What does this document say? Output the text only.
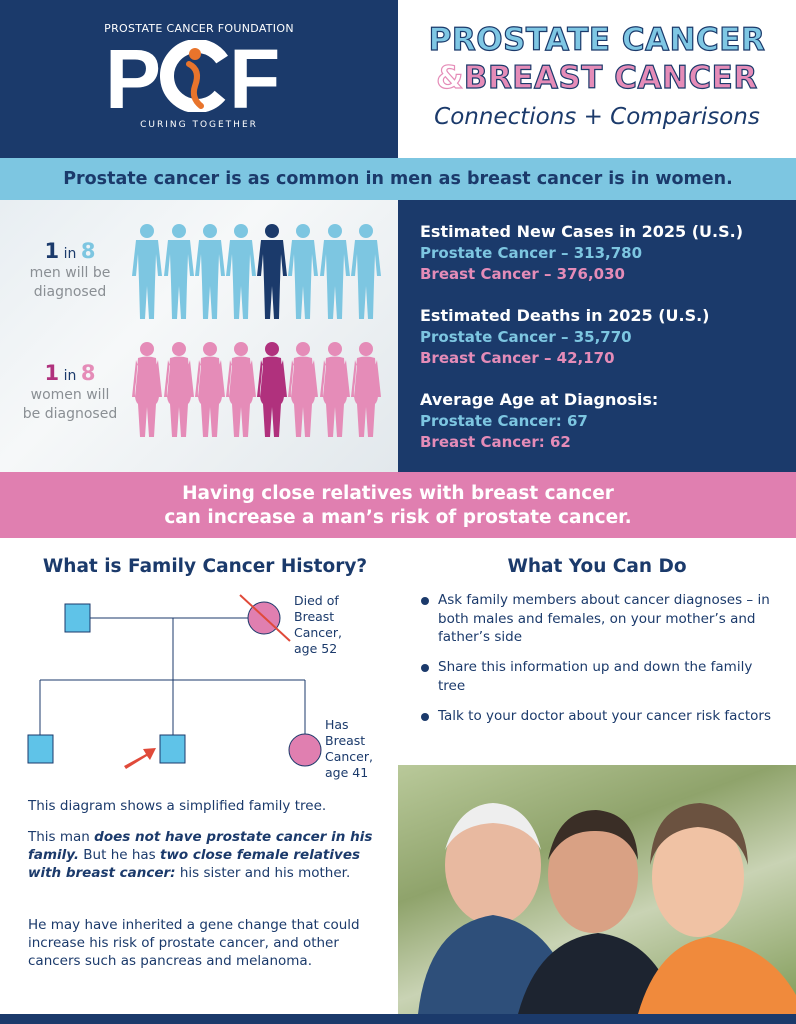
PROSTATE CANCER FOUNDATION
P F
CURING TOGETHER
PROSTATE CANCER
&BREAST CANCER
Connections + Comparisons
Prostate cancer is as common in men as breast cancer is in women.
1 in 8
men will be
diagnosed
1 in 8
women will
be diagnosed
Estimated New Cases in 2025 (U.S.)
Prostate Cancer – 313,780
Breast Cancer – 376,030
Estimated Deaths in 2025 (U.S.)
Prostate Cancer – 35,770
Breast Cancer – 42,170
Average Age at Diagnosis:
Prostate Cancer: 67
Breast Cancer: 62
Having close relatives with breast cancer
can increase a man’s risk of prostate cancer.
What is Family Cancer History?
Died of
Breast
Cancer,
age 52
Has
Breast
Cancer,
age 41
This diagram shows a simplified family tree.
This man does not have prostate cancer in his family. But he has two close female relatives with breast cancer: his sister and his mother.
He may have inherited a gene change that could increase his risk of prostate cancer, and other cancers such as pancreas and melanoma.
What You Can Do
Ask family members about cancer diagnoses – in both males and females, on your mother’s and father’s side
Share this information up and down the family tree
Talk to your doctor about your cancer risk factors
